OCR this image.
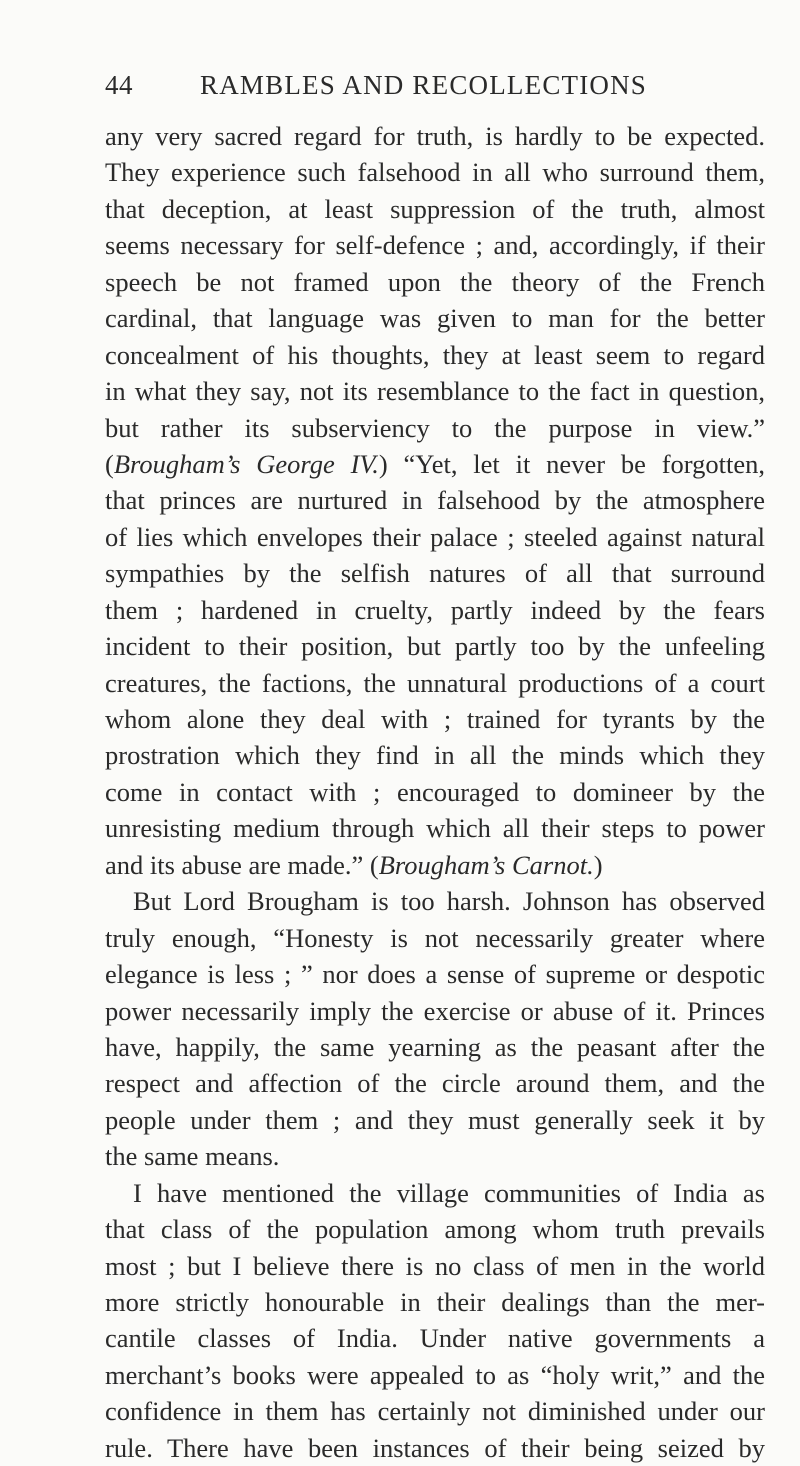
44 RAMBLES AND RECOLLECTIONS
any very sacred regard for truth, is hardly to be expected.
They experience such falsehood in all who surround them,
that deception, at least suppression of the truth, almost
seems necessary for self-defence ; and, accordingly, if their
speech be not framed upon the theory of the French
cardinal, that language was given to man for the better
concealment of his thoughts, they at least seem to regard
in what they say, not its resemblance to the fact in question,
but rather its subserviency to the purpose in view.”
(Brougham’s George IV.) “Yet, let it never be forgotten,
that princes are nurtured in falsehood by the atmosphere
of lies which envelopes their palace ; steeled against natural
sympathies by the selfish natures of all that surround
them ; hardened in cruelty, partly indeed by the fears
incident to their position, but partly too by the unfeeling
creatures, the factions, the unnatural productions of a court
whom alone they deal with ; trained for tyrants by the
prostration which they find in all the minds which they
come in contact with ; encouraged to domineer by the
unresisting medium through which all their steps to power
and its abuse are made.” (Brougham’s Carnot.)
But Lord Brougham is too harsh. Johnson has observed
truly enough, “Honesty is not necessarily greater where
elegance is less ; ” nor does a sense of supreme or despotic
power necessarily imply the exercise or abuse of it. Princes
have, happily, the same yearning as the peasant after the
respect and affection of the circle around them, and the
people under them ; and they must generally seek it by
the same means.
I have mentioned the village communities of India as
that class of the population among whom truth prevails
most ; but I believe there is no class of men in the world
more strictly honourable in their dealings than the mer-
cantile classes of India. Under native governments a
merchant’s books were appealed to as “holy writ,” and the
confidence in them has certainly not diminished under our
rule. There have been instances of their being seized by
